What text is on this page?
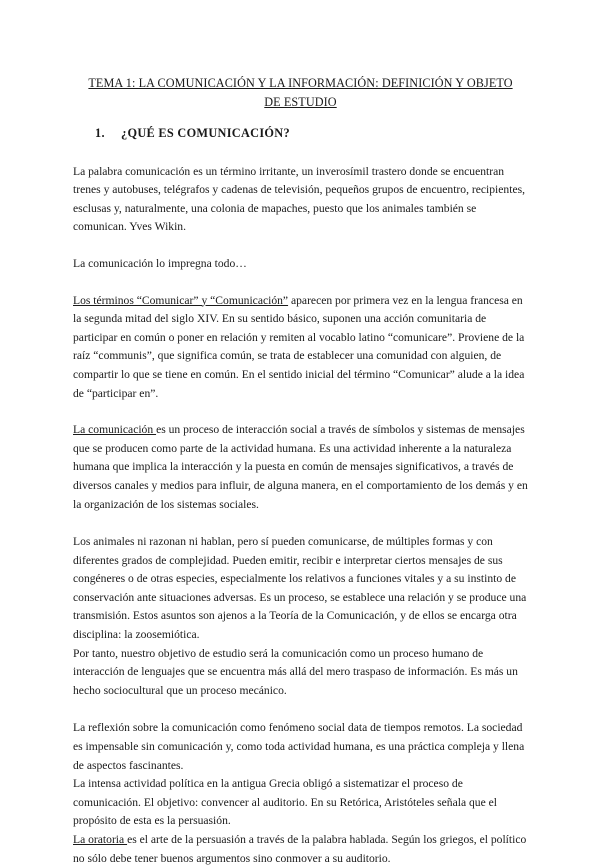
TEMA 1: LA COMUNICACIÓN Y LA INFORMACIÓN: DEFINICIÓN Y OBJETO
DE ESTUDIO
1. ¿QUÉ ES COMUNICACIÓN?

La palabra comunicación es un término irritante, un inverosímil trastero donde se encuentran trenes y autobuses, telégrafos y cadenas de televisión, pequeños grupos de encuentro, recipientes, esclusas y, naturalmente, una colonia de mapaches, puesto que los animales también se comunican. Yves Wikin.

La comunicación lo impregna todo…

Los términos “Comunicar” y “Comunicación” aparecen por primera vez en la lengua francesa en la segunda mitad del siglo XIV. En su sentido básico, suponen una acción comunitaria de participar en común o poner en relación y remiten al vocablo latino “comunicare”. Proviene de la raíz “communis”, que significa común, se trata de establecer una comunidad con alguien, de compartir lo que se tiene en común. En el sentido inicial del término “Comunicar” alude a la idea de “participar en”.

La comunicación es un proceso de interacción social a través de símbolos y sistemas de mensajes que se producen como parte de la actividad humana. Es una actividad inherente a la naturaleza humana que implica la interacción y la puesta en común de mensajes significativos, a través de diversos canales y medios para influir, de alguna manera, en el comportamiento de los demás y en la organización de los sistemas sociales.

Los animales ni razonan ni hablan, pero sí pueden comunicarse, de múltiples formas y con diferentes grados de complejidad. Pueden emitir, recibir e interpretar ciertos mensajes de sus congéneres o de otras especies, especialmente los relativos a funciones vitales y a su instinto de conservación ante situaciones adversas. Es un proceso, se establece una relación y se produce una transmisión. Estos asuntos son ajenos a la Teoría de la Comunicación, y de ellos se encarga otra disciplina: la zoosemiótica.

Por tanto, nuestro objetivo de estudio será la comunicación como un proceso humano de interacción de lenguajes que se encuentra más allá del mero traspaso de información. Es más un hecho sociocultural que un proceso mecánico.

La reflexión sobre la comunicación como fenómeno social data de tiempos remotos. La sociedad es impensable sin comunicación y, como toda actividad humana, es una práctica compleja y llena de aspectos fascinantes.

La intensa actividad política en la antigua Grecia obligó a sistematizar el proceso de comunicación. El objetivo: convencer al auditorio. En su Retórica, Aristóteles señala que el propósito de esta es la persuasión.

La oratoria es el arte de la persuasión a través de la palabra hablada. Según los griegos, el político no sólo debe tener buenos argumentos sino conmover a su auditorio.
